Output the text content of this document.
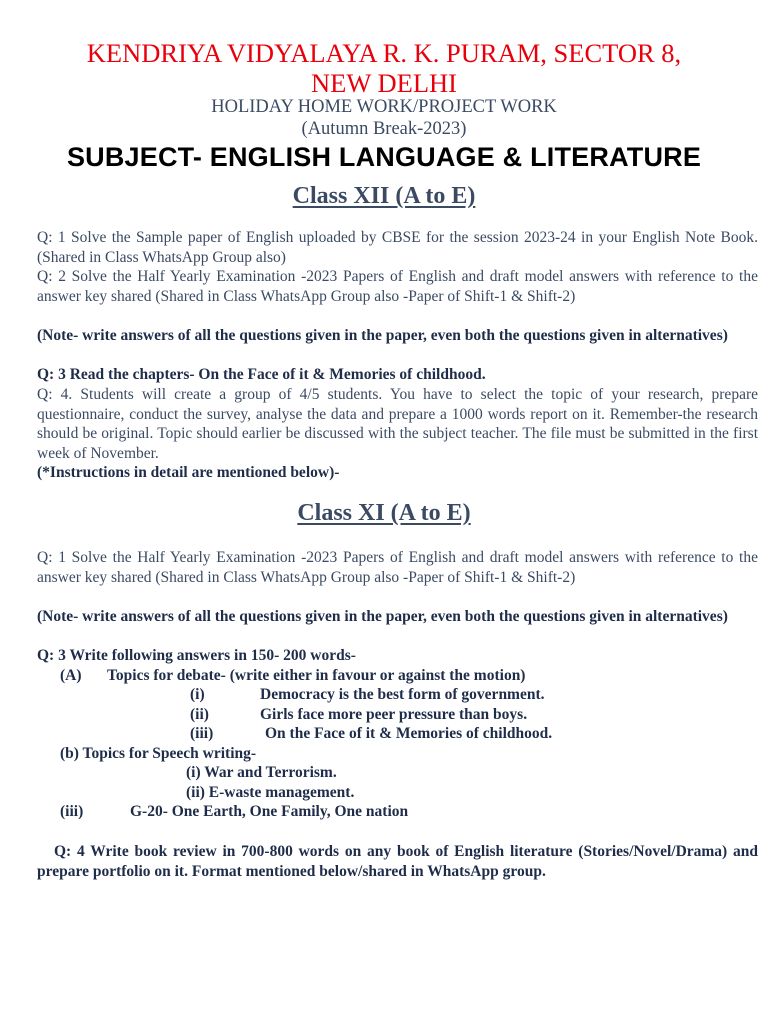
KENDRIYA VIDYALAYA R. K. PURAM, SECTOR 8,
NEW DELHI
HOLIDAY HOME WORK/PROJECT WORK
(Autumn Break-2023)
SUBJECT- ENGLISH LANGUAGE & LITERATURE
Class XII (A to E)
Q: 1 Solve the Sample paper of English uploaded by CBSE for the session 2023-24 in your English Note Book. (Shared in Class WhatsApp Group also)
Q: 2 Solve the Half Yearly Examination -2023 Papers of English and draft model answers with reference to the answer key shared (Shared in Class WhatsApp Group also -Paper of Shift-1 & Shift-2)
(Note- write answers of all the questions given in the paper, even both the questions given in alternatives)
Q: 3 Read the chapters- On the Face of it & Memories of childhood.
Q: 4. Students will create a group of 4/5 students. You have to select the topic of your research, prepare questionnaire, conduct the survey, analyse the data and prepare a 1000 words report on it. Remember-the research should be original. Topic should earlier be discussed with the subject teacher. The file must be submitted in the first week of November.
(*Instructions in detail are mentioned below)-
Class XI (A to E)
Q: 1 Solve the Half Yearly Examination -2023 Papers of English and draft model answers with reference to the answer key shared (Shared in Class WhatsApp Group also -Paper of Shift-1 & Shift-2)
(Note- write answers of all the questions given in the paper, even both the questions given in alternatives)
Q: 3 Write following answers in 150- 200 words-
(A) Topics for debate- (write either in favour or against the motion)
(i)	Democracy is the best form of government.
(ii)	Girls face more peer pressure than boys.
(iii)	On the Face of it & Memories of childhood.
(b) Topics for Speech writing-
(i) War and Terrorism.
(ii) E-waste management.
(iii)	G-20- One Earth, One Family, One nation
Q: 4 Write book review in 700-800 words on any book of English literature (Stories/Novel/Drama) and prepare portfolio on it. Format mentioned below/shared in WhatsApp group.
